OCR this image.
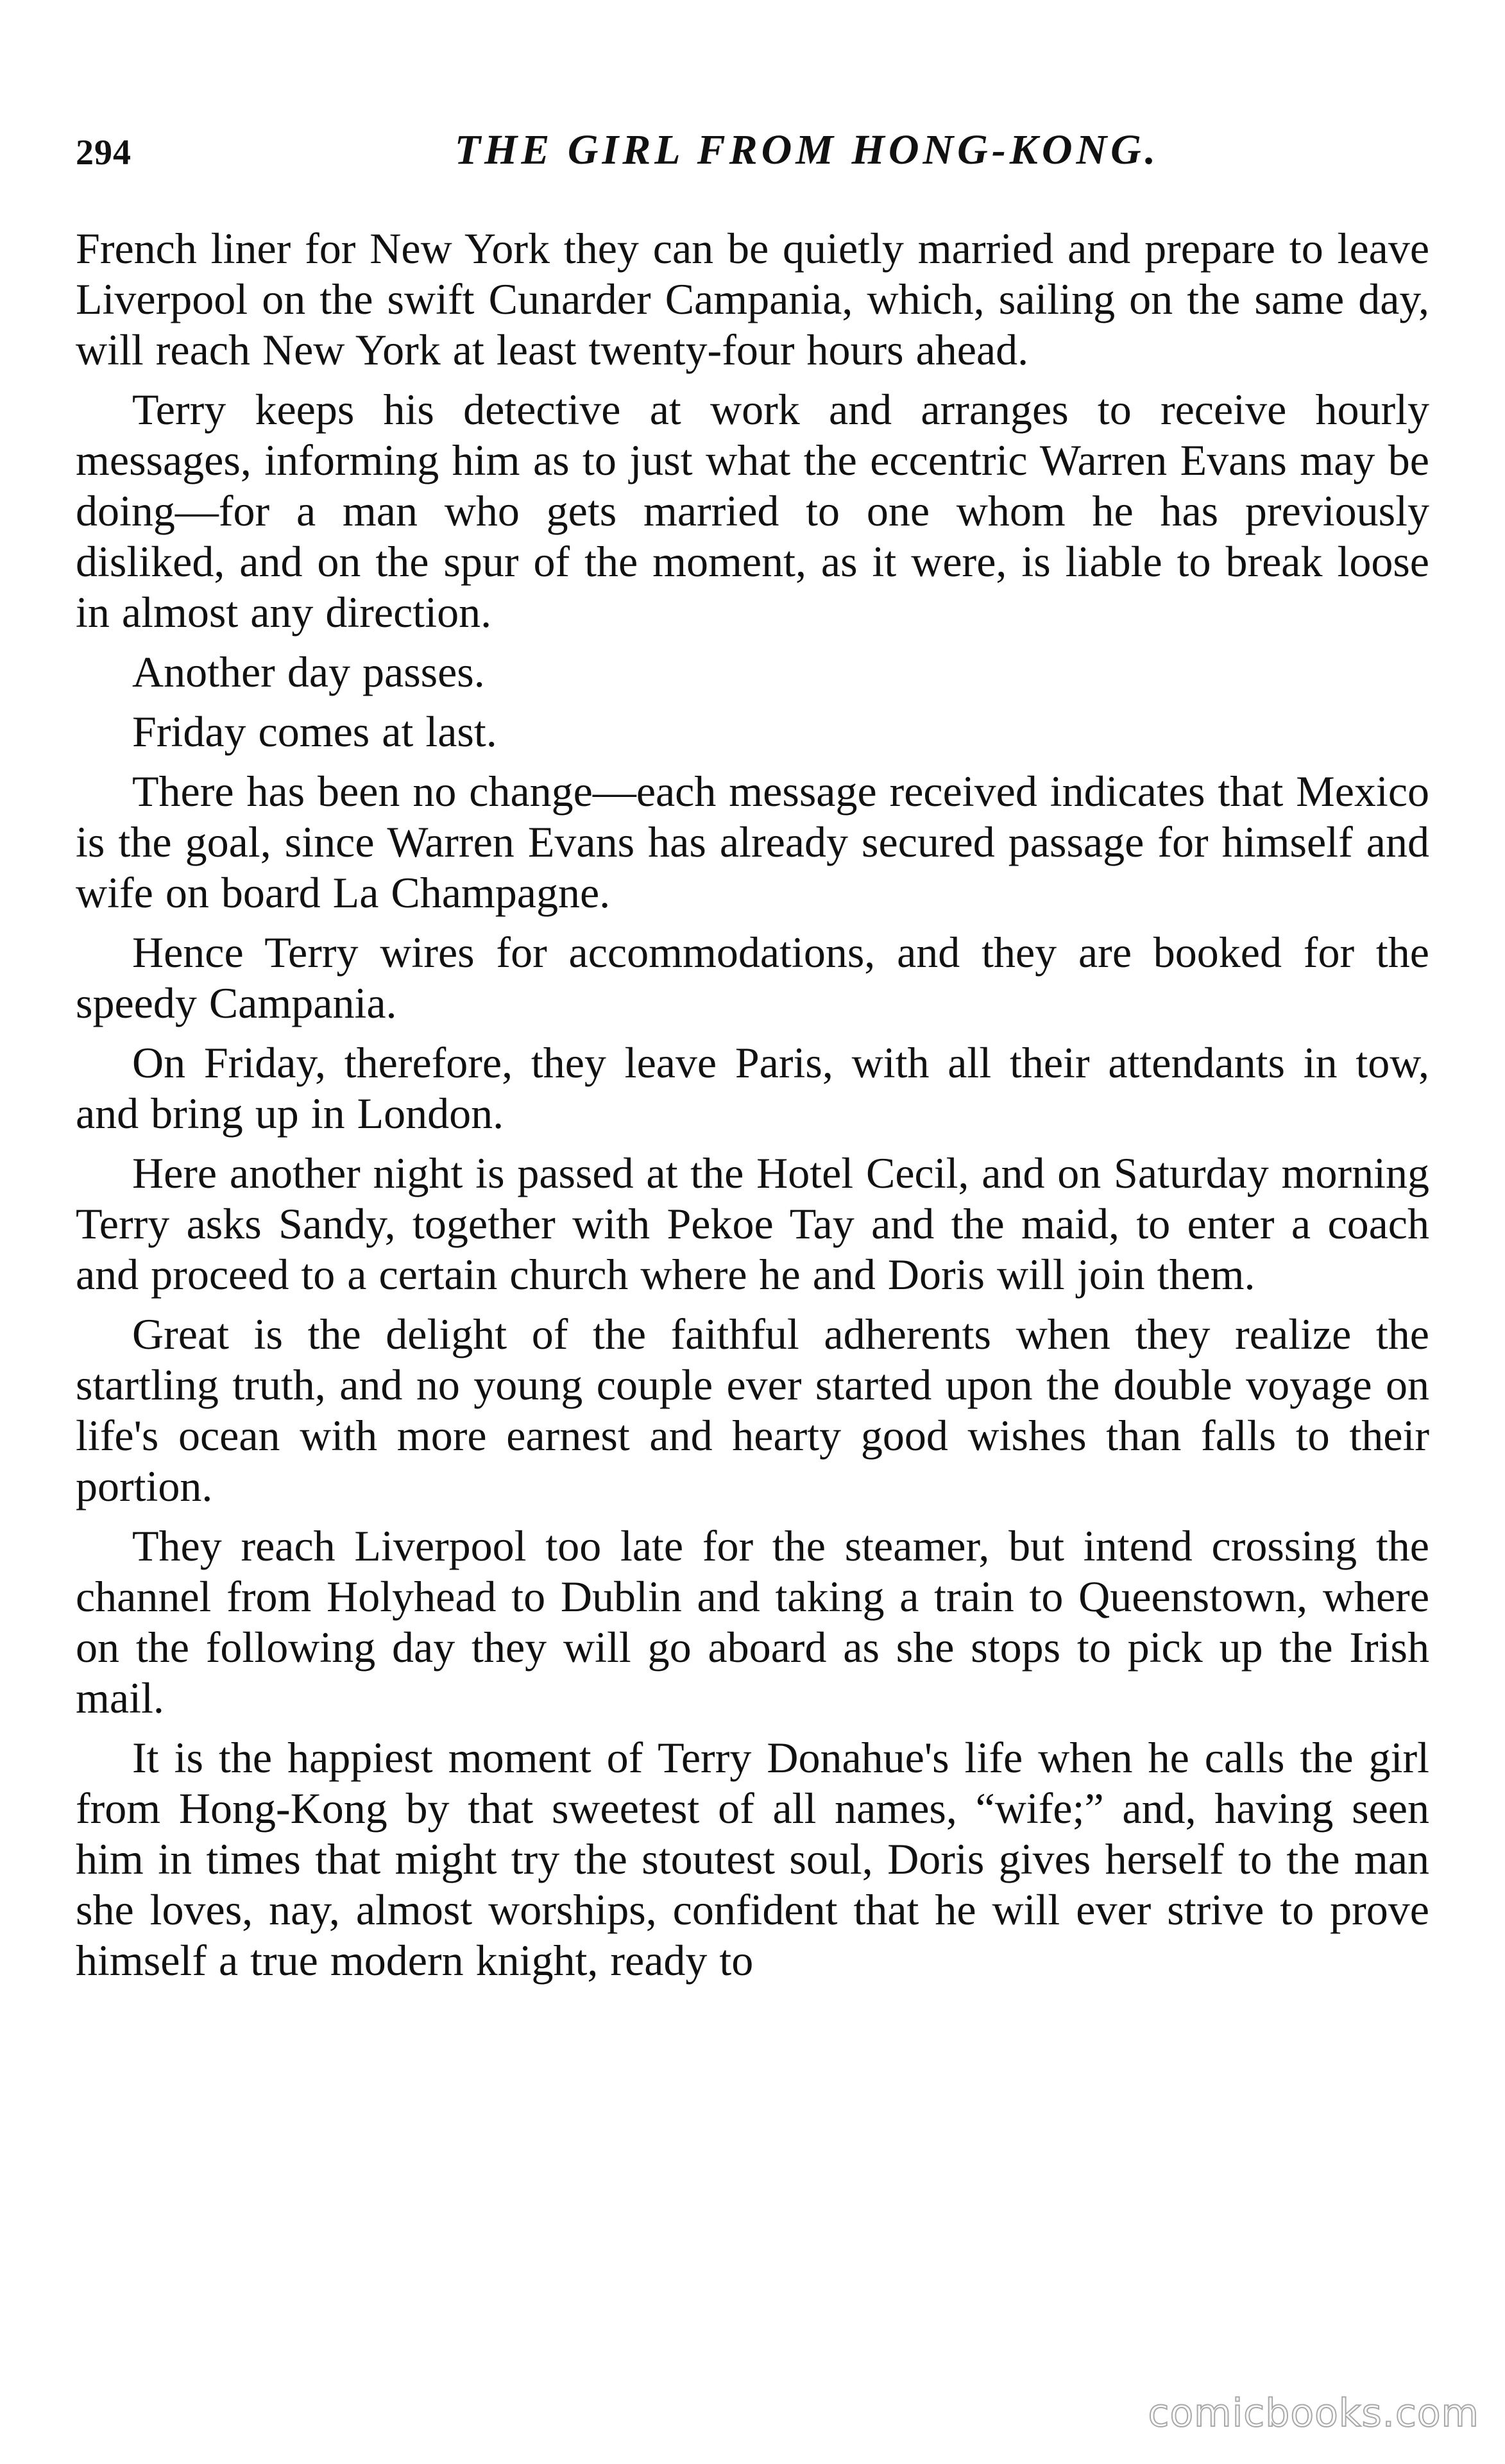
294	THE GIRL FROM HONG-KONG.

French liner for New York they can be quietly married and prepare to leave Liverpool on the swift Cunarder Campania, which, sailing on the same day, will reach New York at least twenty-four hours ahead.

Terry keeps his detective at work and arranges to receive hourly messages, informing him as to just what the eccentric Warren Evans may be doing—for a man who gets married to one whom he has previously disliked, and on the spur of the moment, as it were, is liable to break loose in almost any direction.

Another day passes.

Friday comes at last.

There has been no change—each message received indicates that Mexico is the goal, since Warren Evans has already secured passage for himself and wife on board La Champagne.

Hence Terry wires for accommodations, and they are booked for the speedy Campania.

On Friday, therefore, they leave Paris, with all their attendants in tow, and bring up in London.

Here another night is passed at the Hotel Cecil, and on Saturday morning Terry asks Sandy, together with Pekoe Tay and the maid, to enter a coach and proceed to a certain church where he and Doris will join them.

Great is the delight of the faithful adherents when they realize the startling truth, and no young couple ever started upon the double voyage on life's ocean with more earnest and hearty good wishes than falls to their portion.

They reach Liverpool too late for the steamer, but intend crossing the channel from Holyhead to Dublin and taking a train to Queenstown, where on the following day they will go aboard as she stops to pick up the Irish mail.

It is the happiest moment of Terry Donahue's life when he calls the girl from Hong-Kong by that sweetest of all names, “wife;” and, having seen him in times that might try the stoutest soul, Doris gives herself to the man she loves, nay, almost worships, confident that he will ever strive to prove himself a true modern knight, ready to

comicbooks.com
